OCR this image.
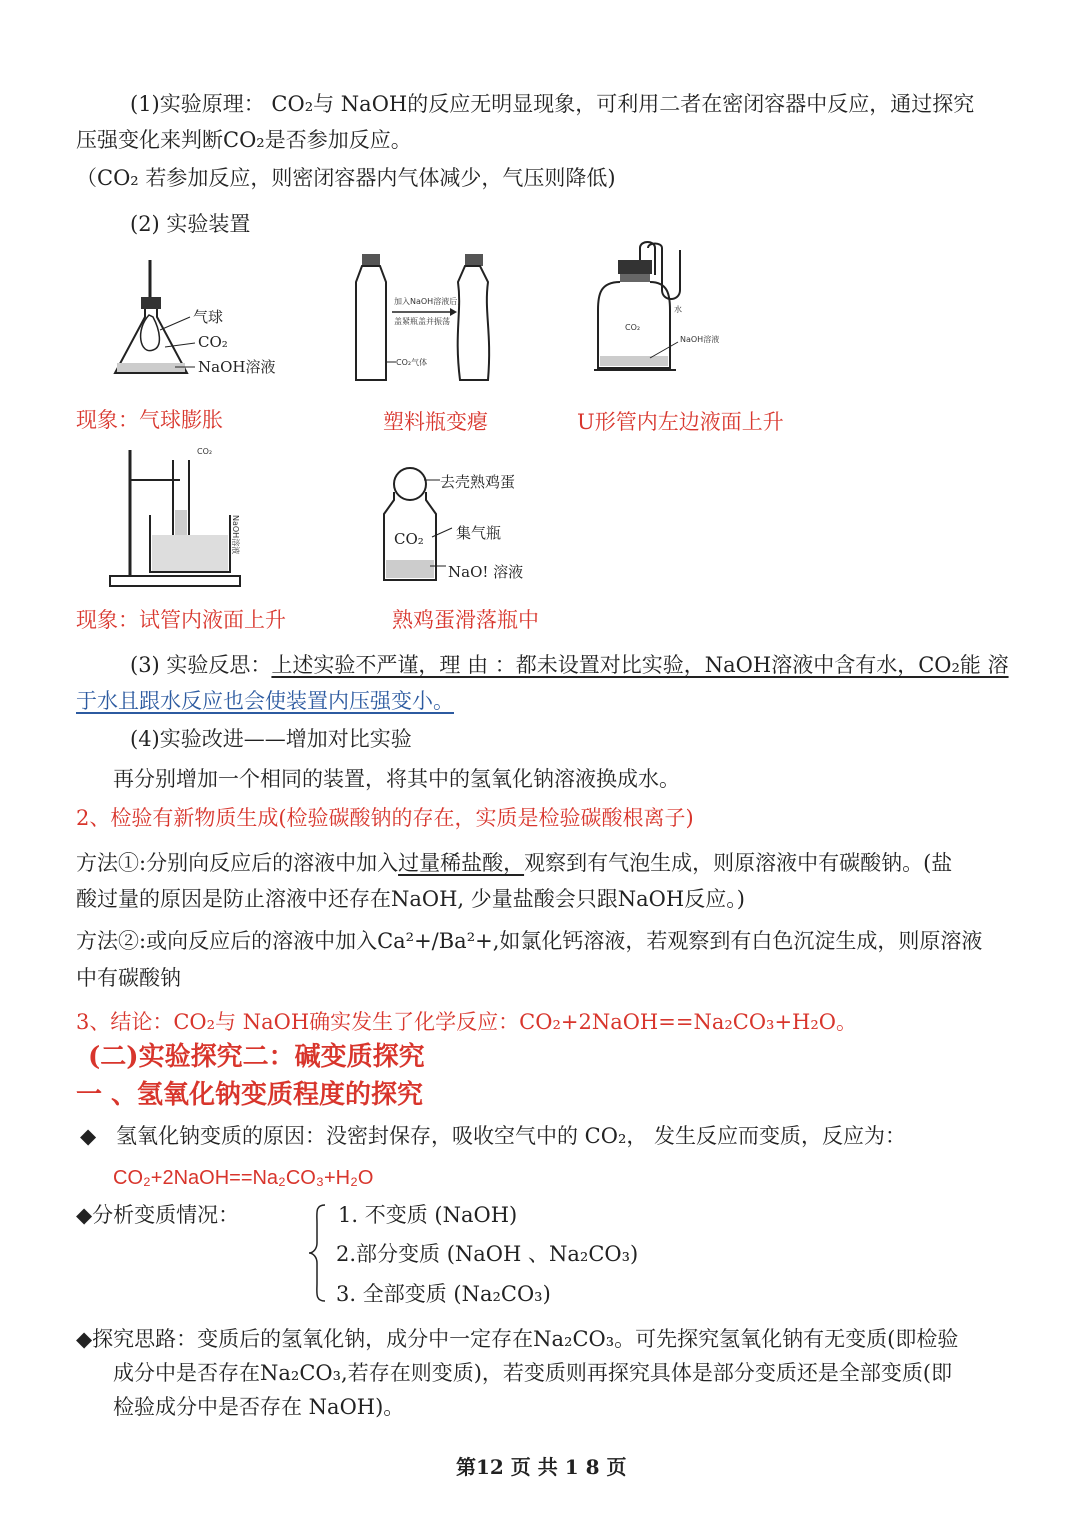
(1)实验原理： CO₂与 NaOH的反应无明显现象，可利用二者在密闭容器中反应，通过探究
压强变化来判断CO₂是否参加反应。
（CO₂ 若参加反应，则密闭容器内气体减少，气压则降低)
(2) 实验装置
气球
CO₂
NaOH溶液
加入NaOH溶液后,
盖紧瓶盖并振荡
CO₂气体
水
CO₂
NaOH溶液
现象：气球膨胀	塑料瓶变瘪	U形管内左边液面上升
CO₂
NaOH溶液
去壳熟鸡蛋
CO₂ 集气瓶
NaO! 溶液
现象：试管内液面上升	熟鸡蛋滑落瓶中
(3) 实验反思：上述实验不严谨，理 由 ：都未设置对比实验，NaOH溶液中含有水，CO₂能 溶
于水且跟水反应也会使装置内压强变小。
(4)实验改进——增加对比实验
再分别增加一个相同的装置，将其中的氢氧化钠溶液换成水。
2、检验有新物质生成(检验碳酸钠的存在，实质是检验碳酸根离子)
方法①:分别向反应后的溶液中加入过量稀盐酸，观察到有气泡生成，则原溶液中有碳酸钠。(盐
酸过量的原因是防止溶液中还存在NaOH, 少量盐酸会只跟NaOH反应。)
方法②:或向反应后的溶液中加入Ca²+/Ba²+,如氯化钙溶液，若观察到有白色沉淀生成，则原溶液
中有碳酸钠
3、结论：CO₂与 NaOH确实发生了化学反应：CO₂+2NaOH==Na₂CO₃+H₂O。
(二)实验探究二：碱变质探究
一 、氢氧化钠变质程度的探究
◆ 氢氧化钠变质的原因：没密封保存，吸收空气中的 CO₂， 发生反应而变质，反应为：
CO₂+2NaOH==Na₂CO₃+H₂O
◆分析变质情况：	1. 不变质 (NaOH)
2.部分变质 (NaOH 、Na₂CO₃)
3. 全部变质 (Na₂CO₃)
◆探究思路：变质后的氢氧化钠，成分中一定存在Na₂CO₃。可先探究氢氧化钠有无变质(即检验
成分中是否存在Na₂CO₃,若存在则变质)，若变质则再探究具体是部分变质还是全部变质(即
检验成分中是否存在 NaOH)。
第12 页 共 1 8 页
